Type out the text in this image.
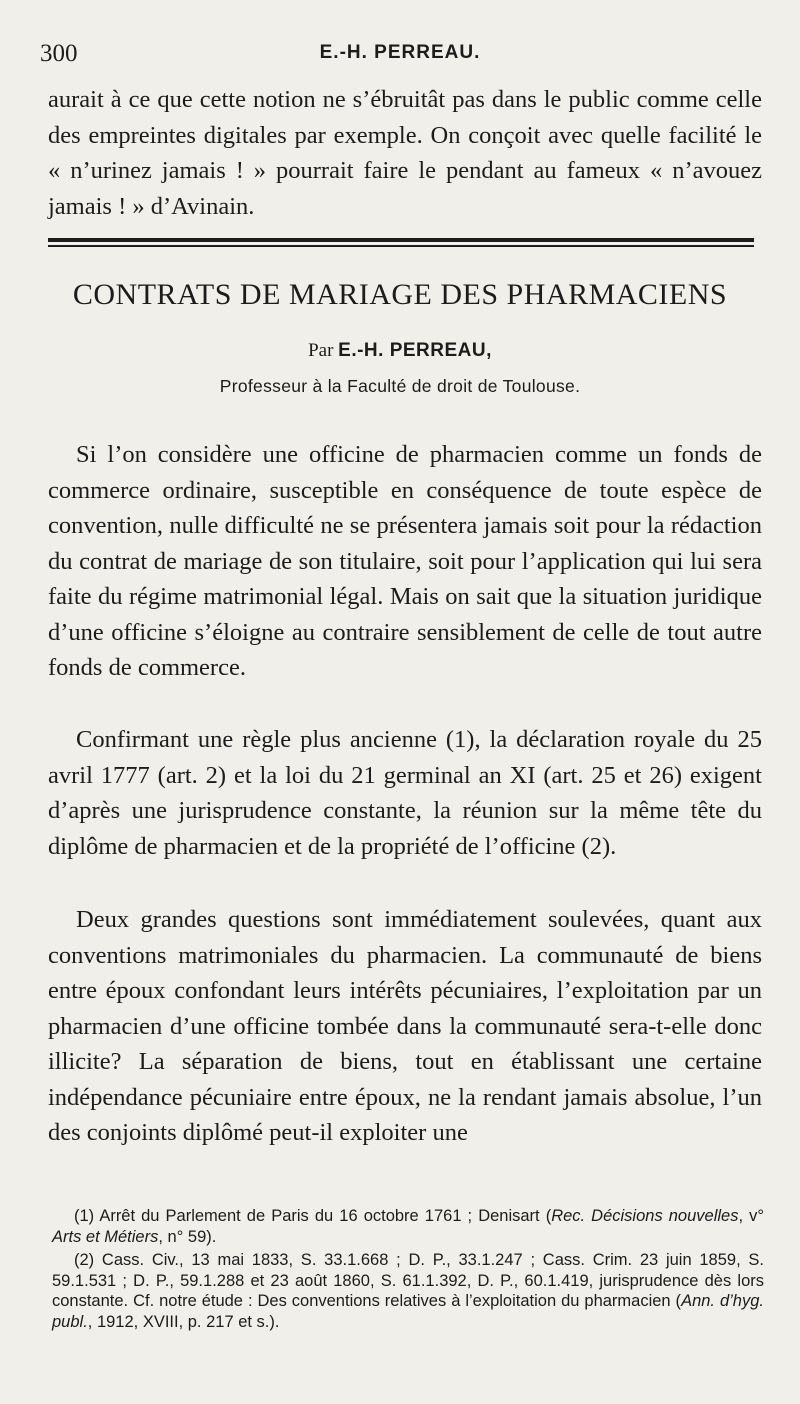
300	E.-H. PERREAU.

aurait à ce que cette notion ne s’ébruitât pas dans le public comme celle des empreintes digitales par exemple. On conçoit avec quelle facilité le « n’urinez jamais ! » pourrait faire le pendant au fameux « n’avouez jamais ! » d’Avinain.

CONTRATS DE MARIAGE DES PHARMACIENS
Par E.-H. PERREAU,
Professeur à la Faculté de droit de Toulouse.

Si l’on considère une officine de pharmacien comme un fonds de commerce ordinaire, susceptible en conséquence de toute espèce de convention, nulle difficulté ne se présentera jamais soit pour la rédaction du contrat de mariage de son titulaire, soit pour l’application qui lui sera faite du régime matrimonial légal. Mais on sait que la situation juridique d’une officine s’éloigne au contraire sensiblement de celle de tout autre fonds de commerce.

Confirmant une règle plus ancienne (1), la déclaration royale du 25 avril 1777 (art. 2) et la loi du 21 germinal an XI (art. 25 et 26) exigent d’après une jurisprudence constante, la réunion sur la même tête du diplôme de pharmacien et de la propriété de l’officine (2).

Deux grandes questions sont immédiatement soulevées, quant aux conventions matrimoniales du pharmacien. La communauté de biens entre époux confondant leurs intérêts pécuniaires, l’exploitation par un pharmacien d’une officine tombée dans la communauté sera-t-elle donc illicite? La séparation de biens, tout en établissant une certaine indépendance pécuniaire entre époux, ne la rendant jamais absolue, l’un des conjoints diplômé peut-il exploiter une

(1) Arrêt du Parlement de Paris du 16 octobre 1761 ; Denisart (Rec. Décisions nouvelles, v° Arts et Métiers, n° 59).

(2) Cass. Civ., 13 mai 1833, S. 33.1.668 ; D. P., 33.1.247 ; Cass. Crim. 23 juin 1859, S. 59.1.531 ; D. P., 59.1.288 et 23 août 1860, S. 61.1.392, D. P., 60.1.419, jurisprudence dès lors constante. Cf. notre étude : Des conventions relatives à l’exploitation du pharmacien (Ann. d’hyg. publ., 1912, XVIII, p. 217 et s.).
